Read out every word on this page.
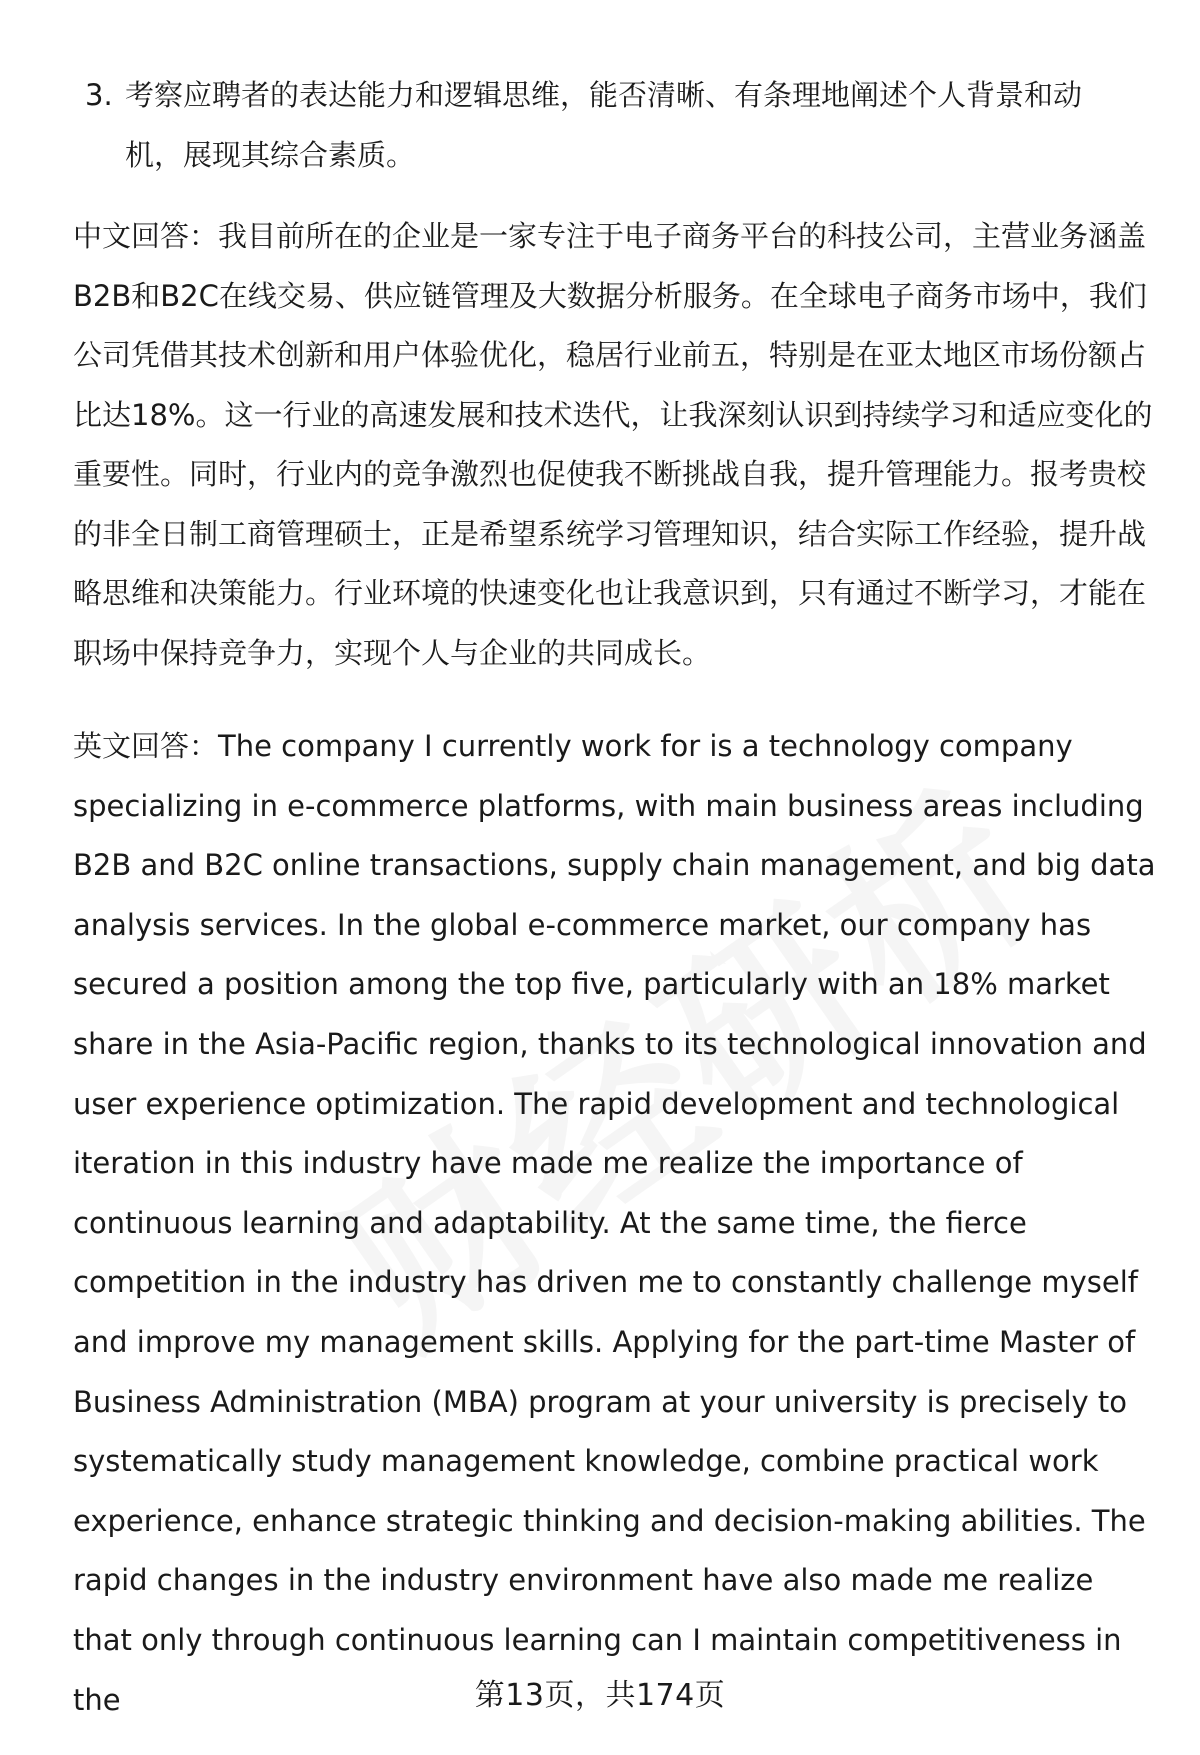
3. 考察应聘者的表达能力和逻辑思维，能否清晰、有条理地阐述个人背景和动机，展现其综合素质。
中文回答：我目前所在的企业是一家专注于电子商务平台的科技公司，主营业务涵盖B2B和B2C在线交易、供应链管理及大数据分析服务。在全球电子商务市场中，我们公司凭借其技术创新和用户体验优化，稳居行业前五，特别是在亚太地区市场份额占比达18%。这一行业的高速发展和技术迭代，让我深刻认识到持续学习和适应变化的重要性。同时，行业内的竞争激烈也促使我不断挑战自我，提升管理能力。报考贵校的非全日制工商管理硕士，正是希望系统学习管理知识，结合实际工作经验，提升战略思维和决策能力。行业环境的快速变化也让我意识到，只有通过不断学习，才能在职场中保持竞争力，实现个人与企业的共同成长。
英文回答：The company I currently work for is a technology company specializing in e-commerce platforms, with main business areas including B2B and B2C online transactions, supply chain management, and big data analysis services. In the global e-commerce market, our company has secured a position among the top five, particularly with an 18% market share in the Asia-Pacific region, thanks to its technological innovation and user experience optimization. The rapid development and technological iteration in this industry have made me realize the importance of continuous learning and adaptability. At the same time, the fierce competition in the industry has driven me to constantly challenge myself and improve my management skills. Applying for the part-time Master of Business Administration (MBA) program at your university is precisely to systematically study management knowledge, combine practical work experience, enhance strategic thinking and decision-making abilities. The rapid changes in the industry environment have also made me realize that only through continuous learning can I maintain competitiveness in the	第13页，共174页
